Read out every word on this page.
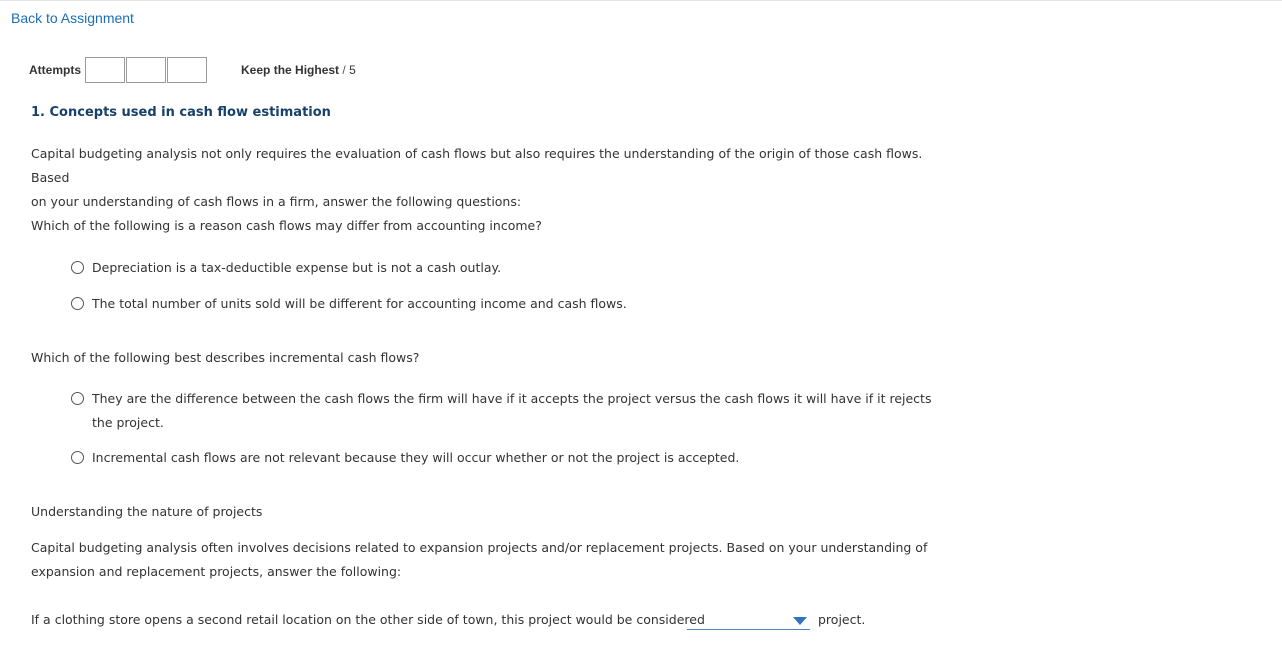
Back to Assignment
Attempts	Keep the Highest / 5
1. Concepts used in cash flow estimation
Capital budgeting analysis not only requires the evaluation of cash flows but also requires the understanding of the origin of those cash flows. Based
on your understanding of cash flows in a firm, answer the following questions:
Which of the following is a reason cash flows may differ from accounting income?
Depreciation is a tax-deductible expense but is not a cash outlay.
The total number of units sold will be different for accounting income and cash flows.
Which of the following best describes incremental cash flows?
They are the difference between the cash flows the firm will have if it accepts the project versus the cash flows it will have if it rejects the project.
Incremental cash flows are not relevant because they will occur whether or not the project is accepted.
Understanding the nature of projects
Capital budgeting analysis often involves decisions related to expansion projects and/or replacement projects. Based on your understanding of
expansion and replacement projects, answer the following:
If a clothing store opens a second retail location on the other side of town, this project would be considered	project.
